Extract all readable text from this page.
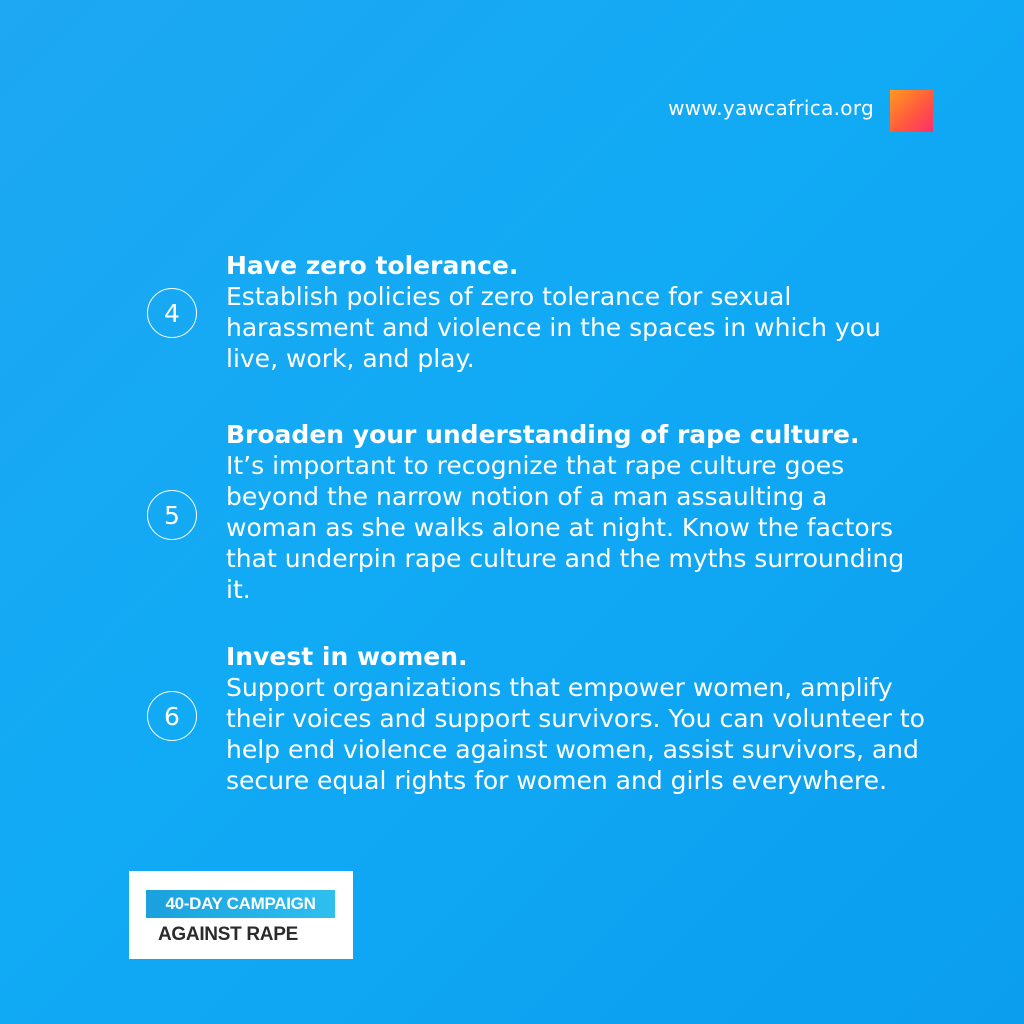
www.yawcafrica.org
4
Have zero tolerance.
Establish policies of zero tolerance for sexual harassment and violence in the spaces in which you live, work, and play.
5
Broaden your understanding of rape culture.
It’s important to recognize that rape culture goes beyond the narrow notion of a man assaulting a woman as she walks alone at night. Know the factors that underpin rape culture and the myths surrounding it.
6
Invest in women.
Support organizations that empower women, amplify their voices and support survivors. You can volunteer to help end violence against women, assist survivors, and secure equal rights for women and girls everywhere.
40-DAY CAMPAIGN
AGAINST RAPE
